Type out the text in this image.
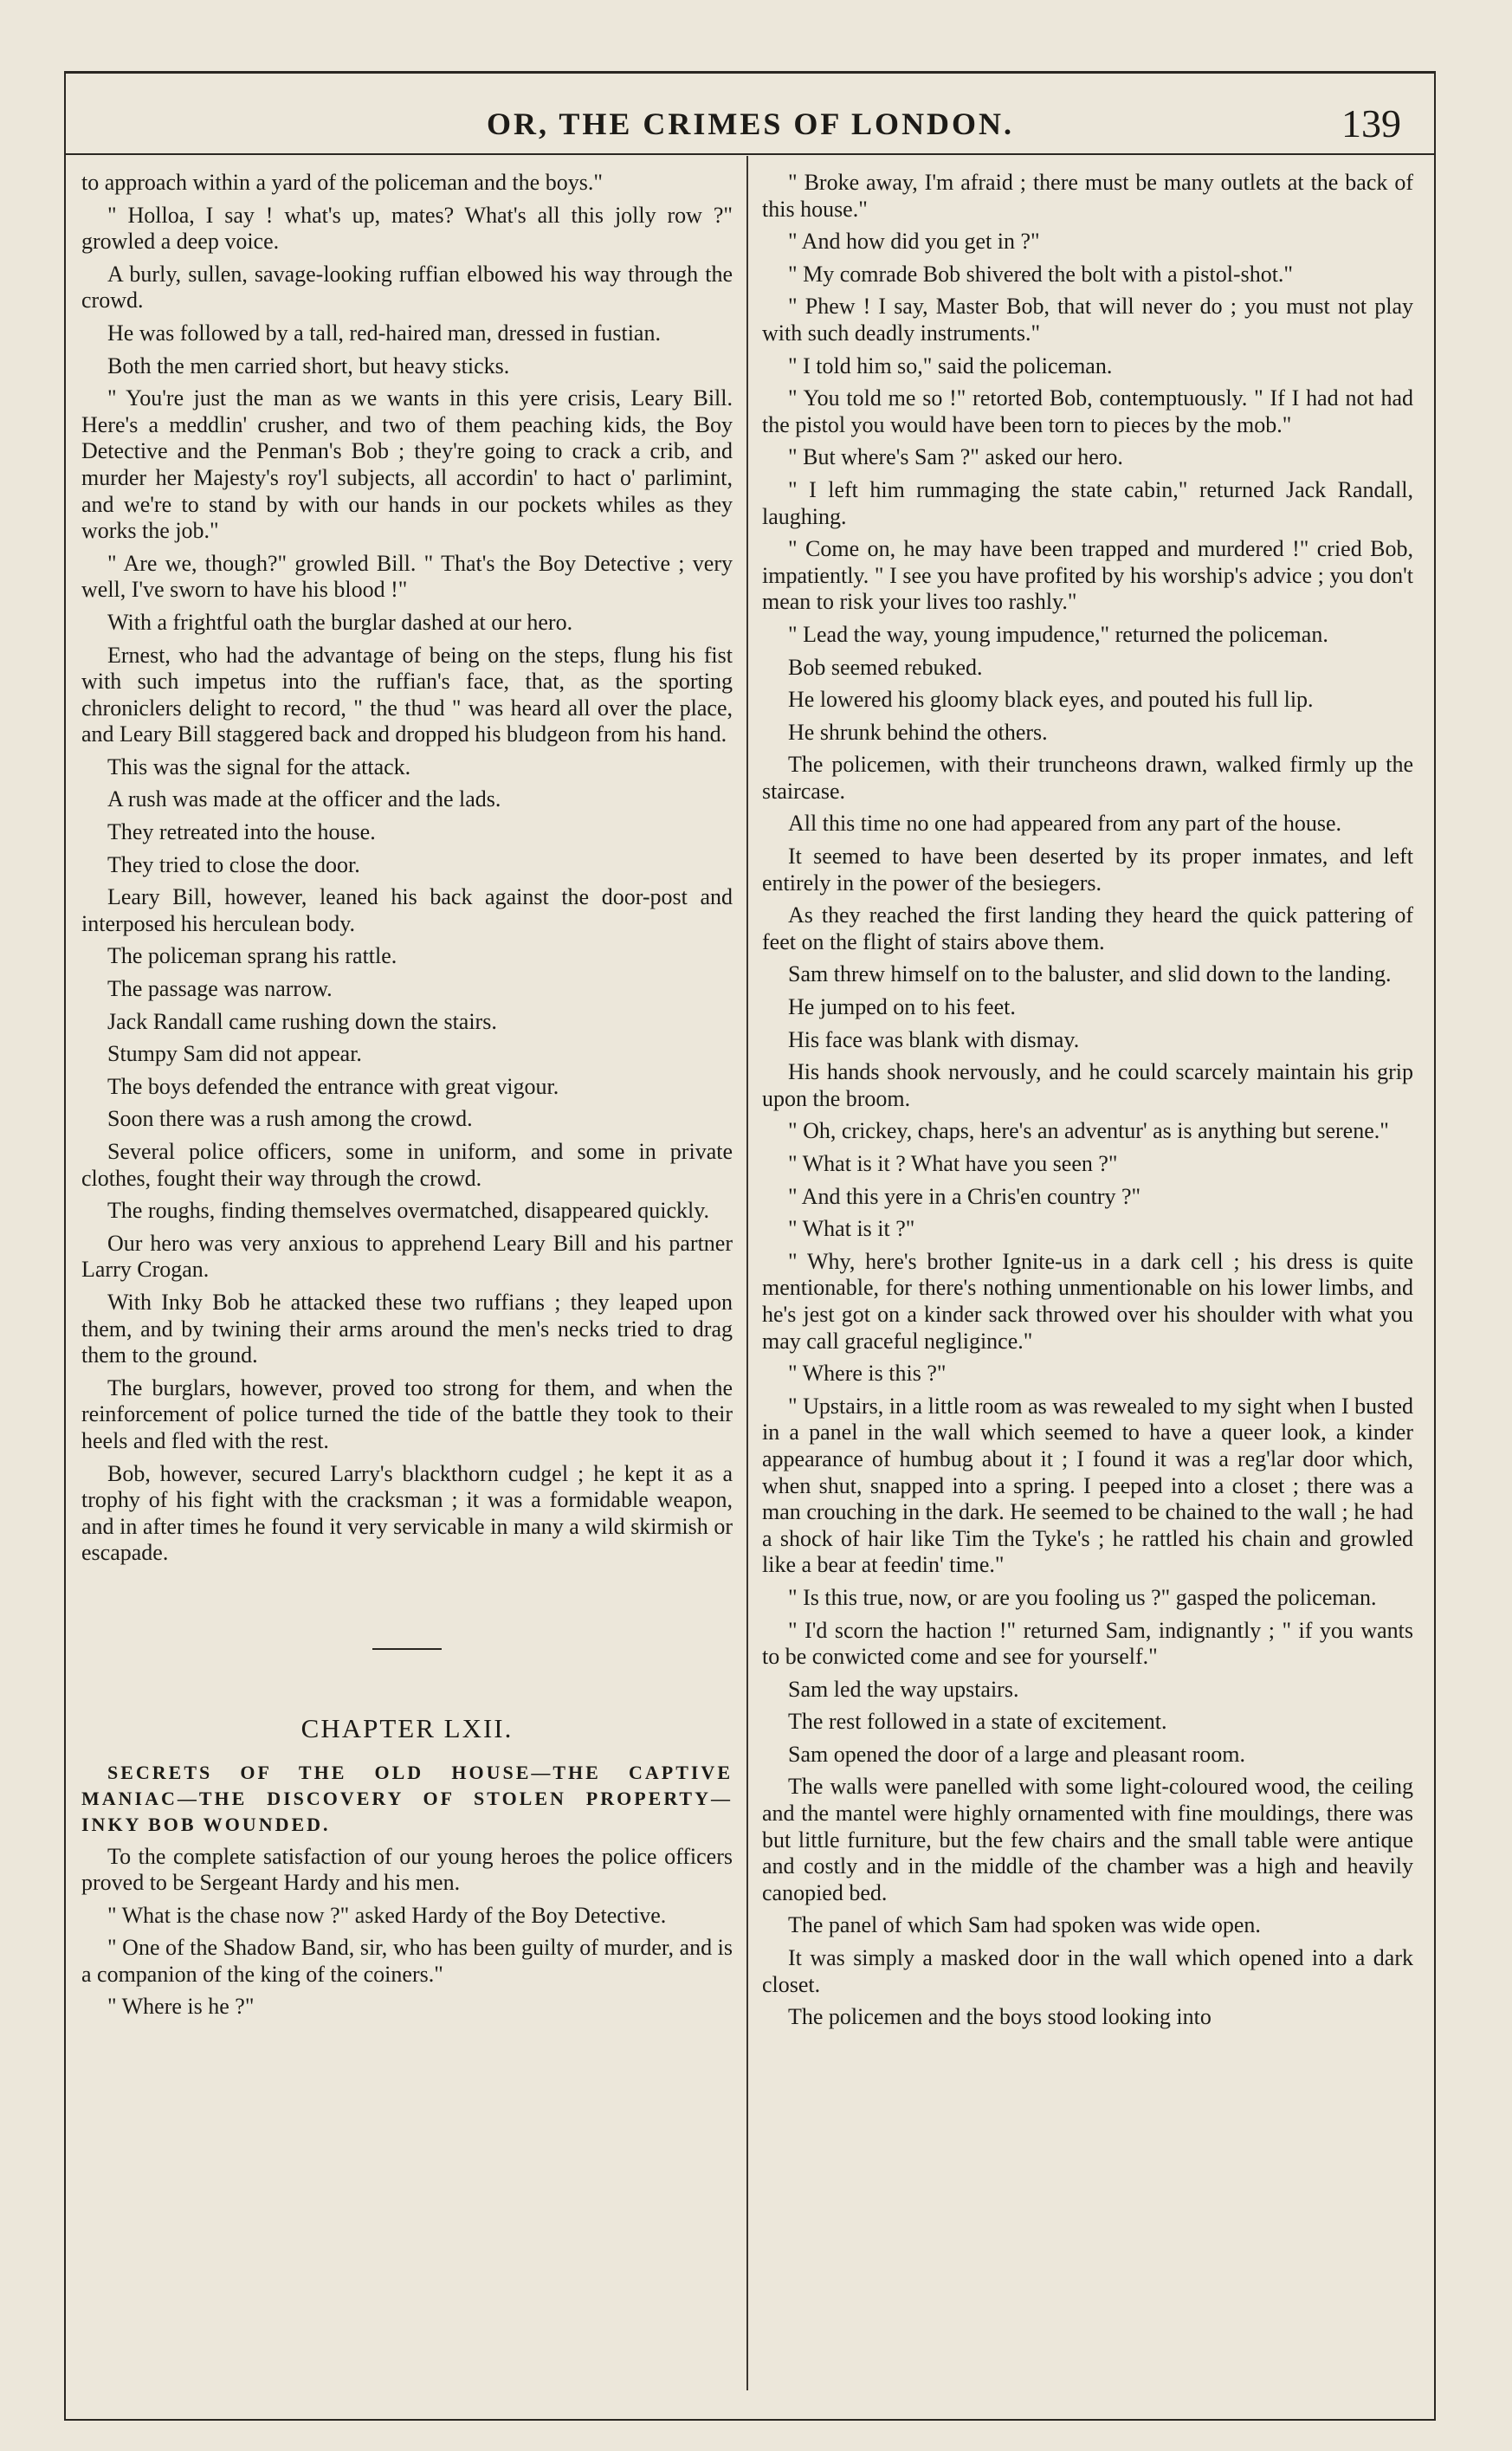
OR, THE CRIMES OF LONDON.	139

to approach within a yard of the policeman and the boys."

" Holloa, I say ! what's up, mates? What's all this jolly row ?" growled a deep voice.

A burly, sullen, savage-looking ruffian elbowed his way through the crowd.

He was followed by a tall, red-haired man, dressed in fustian.

Both the men carried short, but heavy sticks.

" You're just the man as we wants in this yere crisis, Leary Bill. Here's a meddlin' crusher, and two of them peaching kids, the Boy Detective and the Penman's Bob ; they're going to crack a crib, and murder her Majesty's roy'l subjects, all accordin' to hact o' parlimint, and we're to stand by with our hands in our pockets whiles as they works the job."

" Are we, though?" growled Bill. " That's the Boy Detective ; very well, I've sworn to have his blood !"

With a frightful oath the burglar dashed at our hero.

Ernest, who had the advantage of being on the steps, flung his fist with such impetus into the ruffian's face, that, as the sporting chroniclers delight to record, " the thud " was heard all over the place, and Leary Bill staggered back and dropped his bludgeon from his hand.

This was the signal for the attack.

A rush was made at the officer and the lads.

They retreated into the house.

They tried to close the door.

Leary Bill, however, leaned his back against the door-post and interposed his herculean body.

The policeman sprang his rattle.

The passage was narrow.

Jack Randall came rushing down the stairs.

Stumpy Sam did not appear.

The boys defended the entrance with great vigour.

Soon there was a rush among the crowd.

Several police officers, some in uniform, and some in private clothes, fought their way through the crowd.

The roughs, finding themselves overmatched, disappeared quickly.

Our hero was very anxious to apprehend Leary Bill and his partner Larry Crogan.

With Inky Bob he attacked these two ruffians ; they leaped upon them, and by twining their arms around the men's necks tried to drag them to the ground.

The burglars, however, proved too strong for them, and when the reinforcement of police turned the tide of the battle they took to their heels and fled with the rest.

Bob, however, secured Larry's blackthorn cudgel ; he kept it as a trophy of his fight with the cracksman ; it was a formidable weapon, and in after times he found it very servicable in many a wild skirmish or escapade.

CHAPTER LXII.

SECRETS OF THE OLD HOUSE—THE CAPTIVE MANIAC—THE DISCOVERY OF STOLEN PROPERTY—INKY BOB WOUNDED.

To the complete satisfaction of our young heroes the police officers proved to be Sergeant Hardy and his men.

" What is the chase now ?" asked Hardy of the Boy Detective.

" One of the Shadow Band, sir, who has been guilty of murder, and is a companion of the king of the coiners."

" Where is he ?"

" Broke away, I'm afraid ; there must be many outlets at the back of this house."

" And how did you get in ?"

" My comrade Bob shivered the bolt with a pistol-shot."

" Phew ! I say, Master Bob, that will never do ; you must not play with such deadly instruments."

" I told him so," said the policeman.

" You told me so !" retorted Bob, contemptuously. " If I had not had the pistol you would have been torn to pieces by the mob."

" But where's Sam ?" asked our hero.

" I left him rummaging the state cabin," returned Jack Randall, laughing.

" Come on, he may have been trapped and murdered !" cried Bob, impatiently. " I see you have profited by his worship's advice ; you don't mean to risk your lives too rashly."

" Lead the way, young impudence," returned the policeman.

Bob seemed rebuked.

He lowered his gloomy black eyes, and pouted his full lip.

He shrunk behind the others.

The policemen, with their truncheons drawn, walked firmly up the staircase.

All this time no one had appeared from any part of the house.

It seemed to have been deserted by its proper inmates, and left entirely in the power of the besiegers.

As they reached the first landing they heard the quick pattering of feet on the flight of stairs above them.

Sam threw himself on to the baluster, and slid down to the landing.

He jumped on to his feet.

His face was blank with dismay.

His hands shook nervously, and he could scarcely maintain his grip upon the broom.

" Oh, crickey, chaps, here's an adventur' as is anything but serene."

" What is it ? What have you seen ?"

" And this yere in a Chris'en country ?"

" What is it ?"

" Why, here's brother Ignite-us in a dark cell ; his dress is quite mentionable, for there's nothing unmentionable on his lower limbs, and he's jest got on a kinder sack throwed over his shoulder with what you may call graceful negligince."

" Where is this ?"

" Upstairs, in a little room as was rewealed to my sight when I busted in a panel in the wall which seemed to have a queer look, a kinder appearance of humbug about it ; I found it was a reg'lar door which, when shut, snapped into a spring. I peeped into a closet ; there was a man crouching in the dark. He seemed to be chained to the wall ; he had a shock of hair like Tim the Tyke's ; he rattled his chain and growled like a bear at feedin' time."

" Is this true, now, or are you fooling us ?" gasped the policeman.

" I'd scorn the haction !" returned Sam, indignantly ; " if you wants to be conwicted come and see for yourself."

Sam led the way upstairs.

The rest followed in a state of excitement.

Sam opened the door of a large and pleasant room.

The walls were panelled with some light-coloured wood, the ceiling and the mantel were highly ornamented with fine mouldings, there was but little furniture, but the few chairs and the small table were antique and costly and in the middle of the chamber was a high and heavily canopied bed.

The panel of which Sam had spoken was wide open.

It was simply a masked door in the wall which opened into a dark closet.

The policemen and the boys stood looking into
